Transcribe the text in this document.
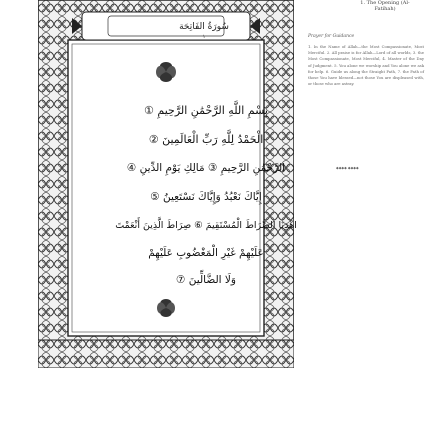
سُورَةُ الفَاتِحَة
١
بِسْمِ اللَّهِ الرَّحْمَٰنِ الرَّحِيمِ ①
الْحَمْدُ لِلَّهِ رَبِّ الْعَالَمِينَ ②
الرَّحْمَٰنِ الرَّحِيمِ ③ مَالِكِ يَوْمِ الدِّينِ ④
إِيَّاكَ نَعْبُدُ وَإِيَّاكَ نَسْتَعِينُ ⑤
اهْدِنَا الصِّرَاطَ الْمُسْتَقِيمَ ⑥ صِرَاطَ الَّذِينَ أَنْعَمْتَ
عَلَيْهِمْ غَيْرِ الْمَغْضُوبِ عَلَيْهِمْ
وَلَا الضَّالِّينَ ⑦
1. The Opening (Al-Fatihah)
Prayer for Guidance
1. In the Name of Allah—the Most Compassionate, Most Merciful. 2. All praise is for Allah—Lord of all worlds, 3. the Most Compassionate, Most Merciful, 4. Master of the Day of Judgment. 5. You alone we worship and You alone we ask for help. 6. Guide us along the Straight Path, 7. the Path of those You have blessed—not those You are displeased with, or those who are astray.
◆◆◆◆ ◆◆◆◆
